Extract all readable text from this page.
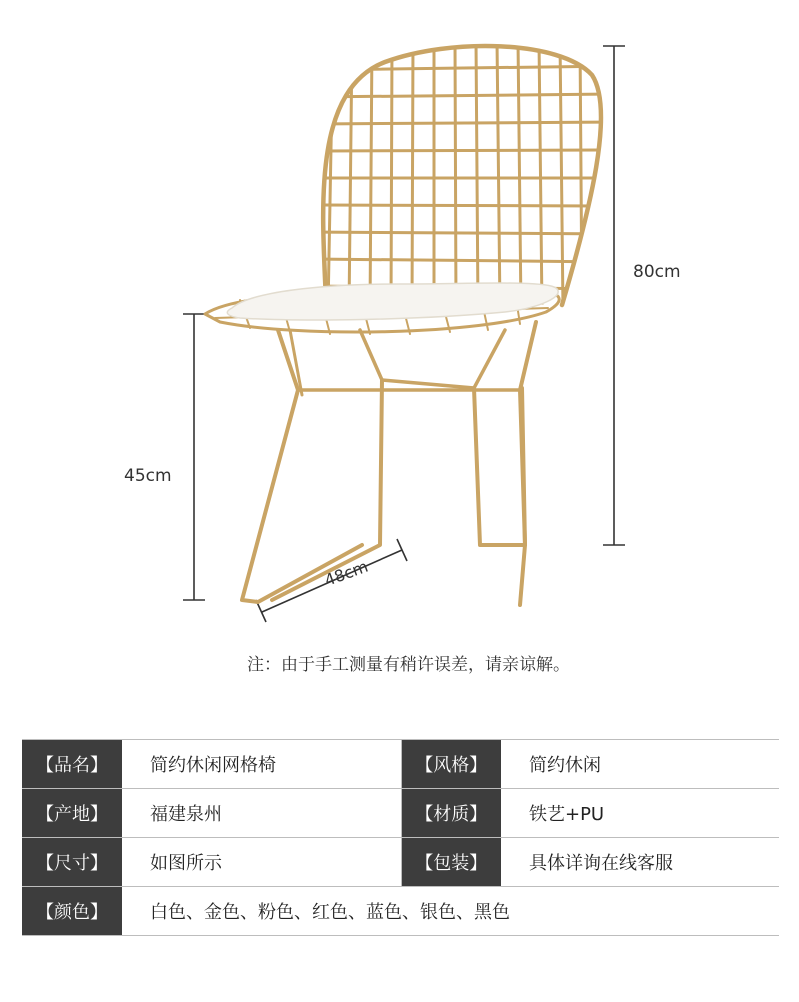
80cm
45cm
48cm
注：由于手工测量有稍许误差，请亲谅解。
【品名】	简约休闲网格椅	【风格】	简约休闲
【产地】	福建泉州	【材质】	铁艺+PU
【尺寸】	如图所示	【包装】	具体详询在线客服
【颜色】	白色、金色、粉色、红色、蓝色、银色、黑色		
